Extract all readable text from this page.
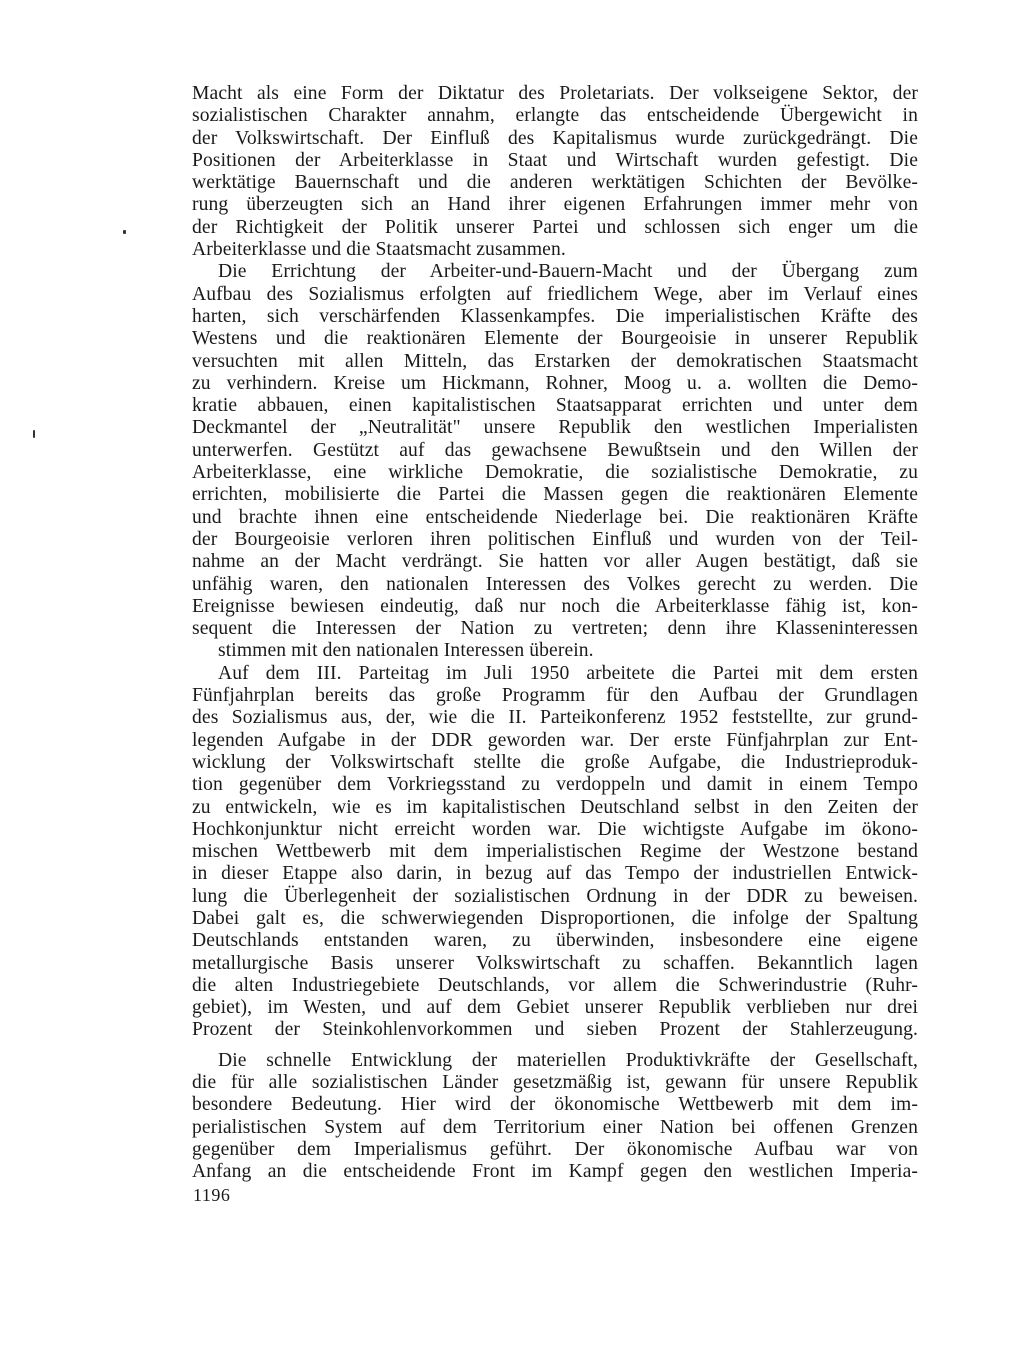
Macht als eine Form der Diktatur des Proletariats. Der volkseigene Sektor, der
sozialistischen Charakter annahm, erlangte das entscheidende Übergewicht in
der Volkswirtschaft. Der Einfluß des Kapitalismus wurde zurückgedrängt. Die
Positionen der Arbeiterklasse in Staat und Wirtschaft wurden gefestigt. Die
werktätige Bauernschaft und die anderen werktätigen Schichten der Bevölke-
rung überzeugten sich an Hand ihrer eigenen Erfahrungen immer mehr von
der Richtigkeit der Politik unserer Partei und schlossen sich enger um die
Arbeiterklasse und die Staatsmacht zusammen.
Die Errichtung der Arbeiter-und-Bauern-Macht und der Übergang zum
Aufbau des Sozialismus erfolgten auf friedlichem Wege, aber im Verlauf eines
harten, sich verschärfenden Klassenkampfes. Die imperialistischen Kräfte des
Westens und die reaktionären Elemente der Bourgeoisie in unserer Republik
versuchten mit allen Mitteln, das Erstarken der demokratischen Staatsmacht
zu verhindern. Kreise um Hickmann, Rohner, Moog u. a. wollten die Demo-
kratie abbauen, einen kapitalistischen Staatsapparat errichten und unter dem
Deckmantel der „Neutralität" unsere Republik den westlichen Imperialisten
unterwerfen. Gestützt auf das gewachsene Bewußtsein und den Willen der
Arbeiterklasse, eine wirkliche Demokratie, die sozialistische Demokratie, zu
errichten, mobilisierte die Partei die Massen gegen die reaktionären Elemente
und brachte ihnen eine entscheidende Niederlage bei. Die reaktionären Kräfte
der Bourgeoisie verloren ihren politischen Einfluß und wurden von der Teil-
nahme an der Macht verdrängt. Sie hatten vor aller Augen bestätigt, daß sie
unfähig waren, den nationalen Interessen des Volkes gerecht zu werden. Die
Ereignisse bewiesen eindeutig, daß nur noch die Arbeiterklasse fähig ist, kon-
sequent die Interessen der Nation zu vertreten; denn ihre Klasseninteressen
stimmen mit den nationalen Interessen überein.
Auf dem III. Parteitag im Juli 1950 arbeitete die Partei mit dem ersten
Fünfjahrplan bereits das große Programm für den Aufbau der Grundlagen
des Sozialismus aus, der, wie die II. Parteikonferenz 1952 feststellte, zur grund-
legenden Aufgabe in der DDR geworden war. Der erste Fünfjahrplan zur Ent-
wicklung der Volkswirtschaft stellte die große Aufgabe, die Industrieproduk-
tion gegenüber dem Vorkriegsstand zu verdoppeln und damit in einem Tempo
zu entwickeln, wie es im kapitalistischen Deutschland selbst in den Zeiten der
Hochkonjunktur nicht erreicht worden war. Die wichtigste Aufgabe im ökono-
mischen Wettbewerb mit dem imperialistischen Regime der Westzone bestand
in dieser Etappe also darin, in bezug auf das Tempo der industriellen Entwick-
lung die Überlegenheit der sozialistischen Ordnung in der DDR zu beweisen.
Dabei galt es, die schwerwiegenden Disproportionen, die infolge der Spaltung
Deutschlands entstanden waren, zu überwinden, insbesondere eine eigene
metallurgische Basis unserer Volkswirtschaft zu schaffen. Bekanntlich lagen
die alten Industriegebiete Deutschlands, vor allem die Schwerindustrie (Ruhr-
gebiet), im Westen, und auf dem Gebiet unserer Republik verblieben nur drei
Prozent der Steinkohlenvorkommen und sieben Prozent der Stahlerzeugung.
Die schnelle Entwicklung der materiellen Produktivkräfte der Gesellschaft,
die für alle sozialistischen Länder gesetzmäßig ist, gewann für unsere Republik
besondere Bedeutung. Hier wird der ökonomische Wettbewerb mit dem im-
perialistischen System auf dem Territorium einer Nation bei offenen Grenzen
gegenüber dem Imperialismus geführt. Der ökonomische Aufbau war von
Anfang an die entscheidende Front im Kampf gegen den westlichen Imperia-
1196
